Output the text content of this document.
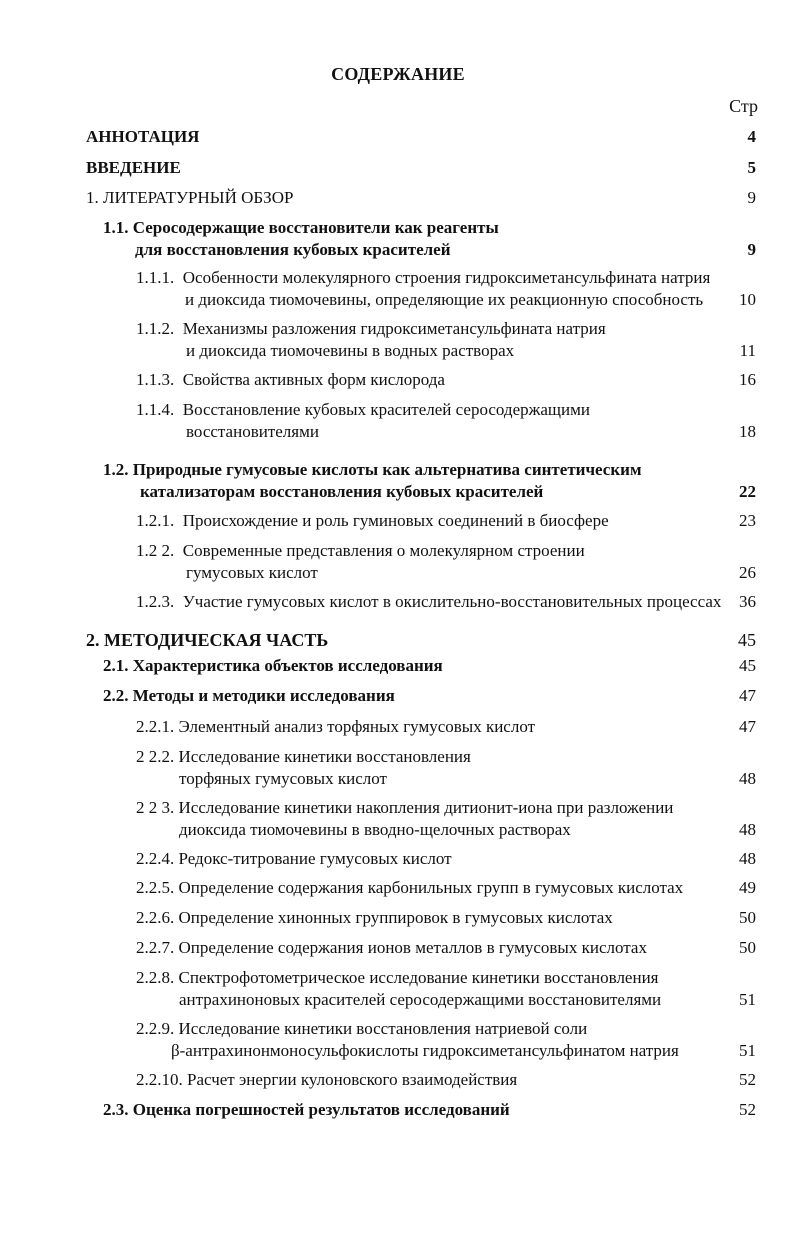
СОДЕРЖАНИЕ
Стр
АННОТАЦИЯ	4
ВВЕДЕНИЕ	5
1. ЛИТЕРАТУРНЫЙ ОБЗОР	9
1.1. Серосодержащие восстановители как реагенты
для восстановления кубовых красителей	9
1.1.1. Особенности молекулярного строения гидроксиметансульфината натрия
и диоксида тиомочевины, определяющие их реакционную способность	10
1.1.2. Механизмы разложения гидроксиметансульфината натрия
и диоксида тиомочевины в водных растворах	11
1.1.3. Свойства активных форм кислорода	16
1.1.4. Восстановление кубовых красителей серосодержащими
восстановителями	18
1.2. Природные гумусовые кислоты как альтернатива синтетическим
катализаторам восстановления кубовых красителей	22
1.2.1. Происхождение и роль гуминовых соединений в биосфере	23
1.2 2. Современные представления о молекулярном строении
гумусовых кислот	26
1.2.3. Участие гумусовых кислот в окислительно-восстановительных процессах 36
2. МЕТОДИЧЕСКАЯ ЧАСТЬ	45
2.1. Характеристика объектов исследования	45
2.2. Методы и методики исследования	47
2.2.1. Элементный анализ торфяных гумусовых кислот	47
2 2.2. Исследование кинетики восстановления
торфяных гумусовых кислот	48
2 2 3. Исследование кинетики накопления дитионит-иона при разложении
диоксида тиомочевины в вводно-щелочных растворах	48
2.2.4. Редокс-титрование гумусовых кислот	48
2.2.5. Определение содержания карбонильных групп в гумусовых кислотах	49
2.2.6. Определение хинонных группировок в гумусовых кислотах	50
2.2.7. Определение содержания ионов металлов в гумусовых кислотах	50
2.2.8. Спектрофотометрическое исследование кинетики восстановления
антрахиноновых красителей серосодержащими восстановителями	51
2.2.9. Исследование кинетики восстановления натриевой соли
β-антрахинонмоносульфокислоты гидроксиметансульфинатом натрия	51
2.2.10. Расчет энергии кулоновского взаимодействия	52
2.3. Оценка погрешностей результатов исследований	52
